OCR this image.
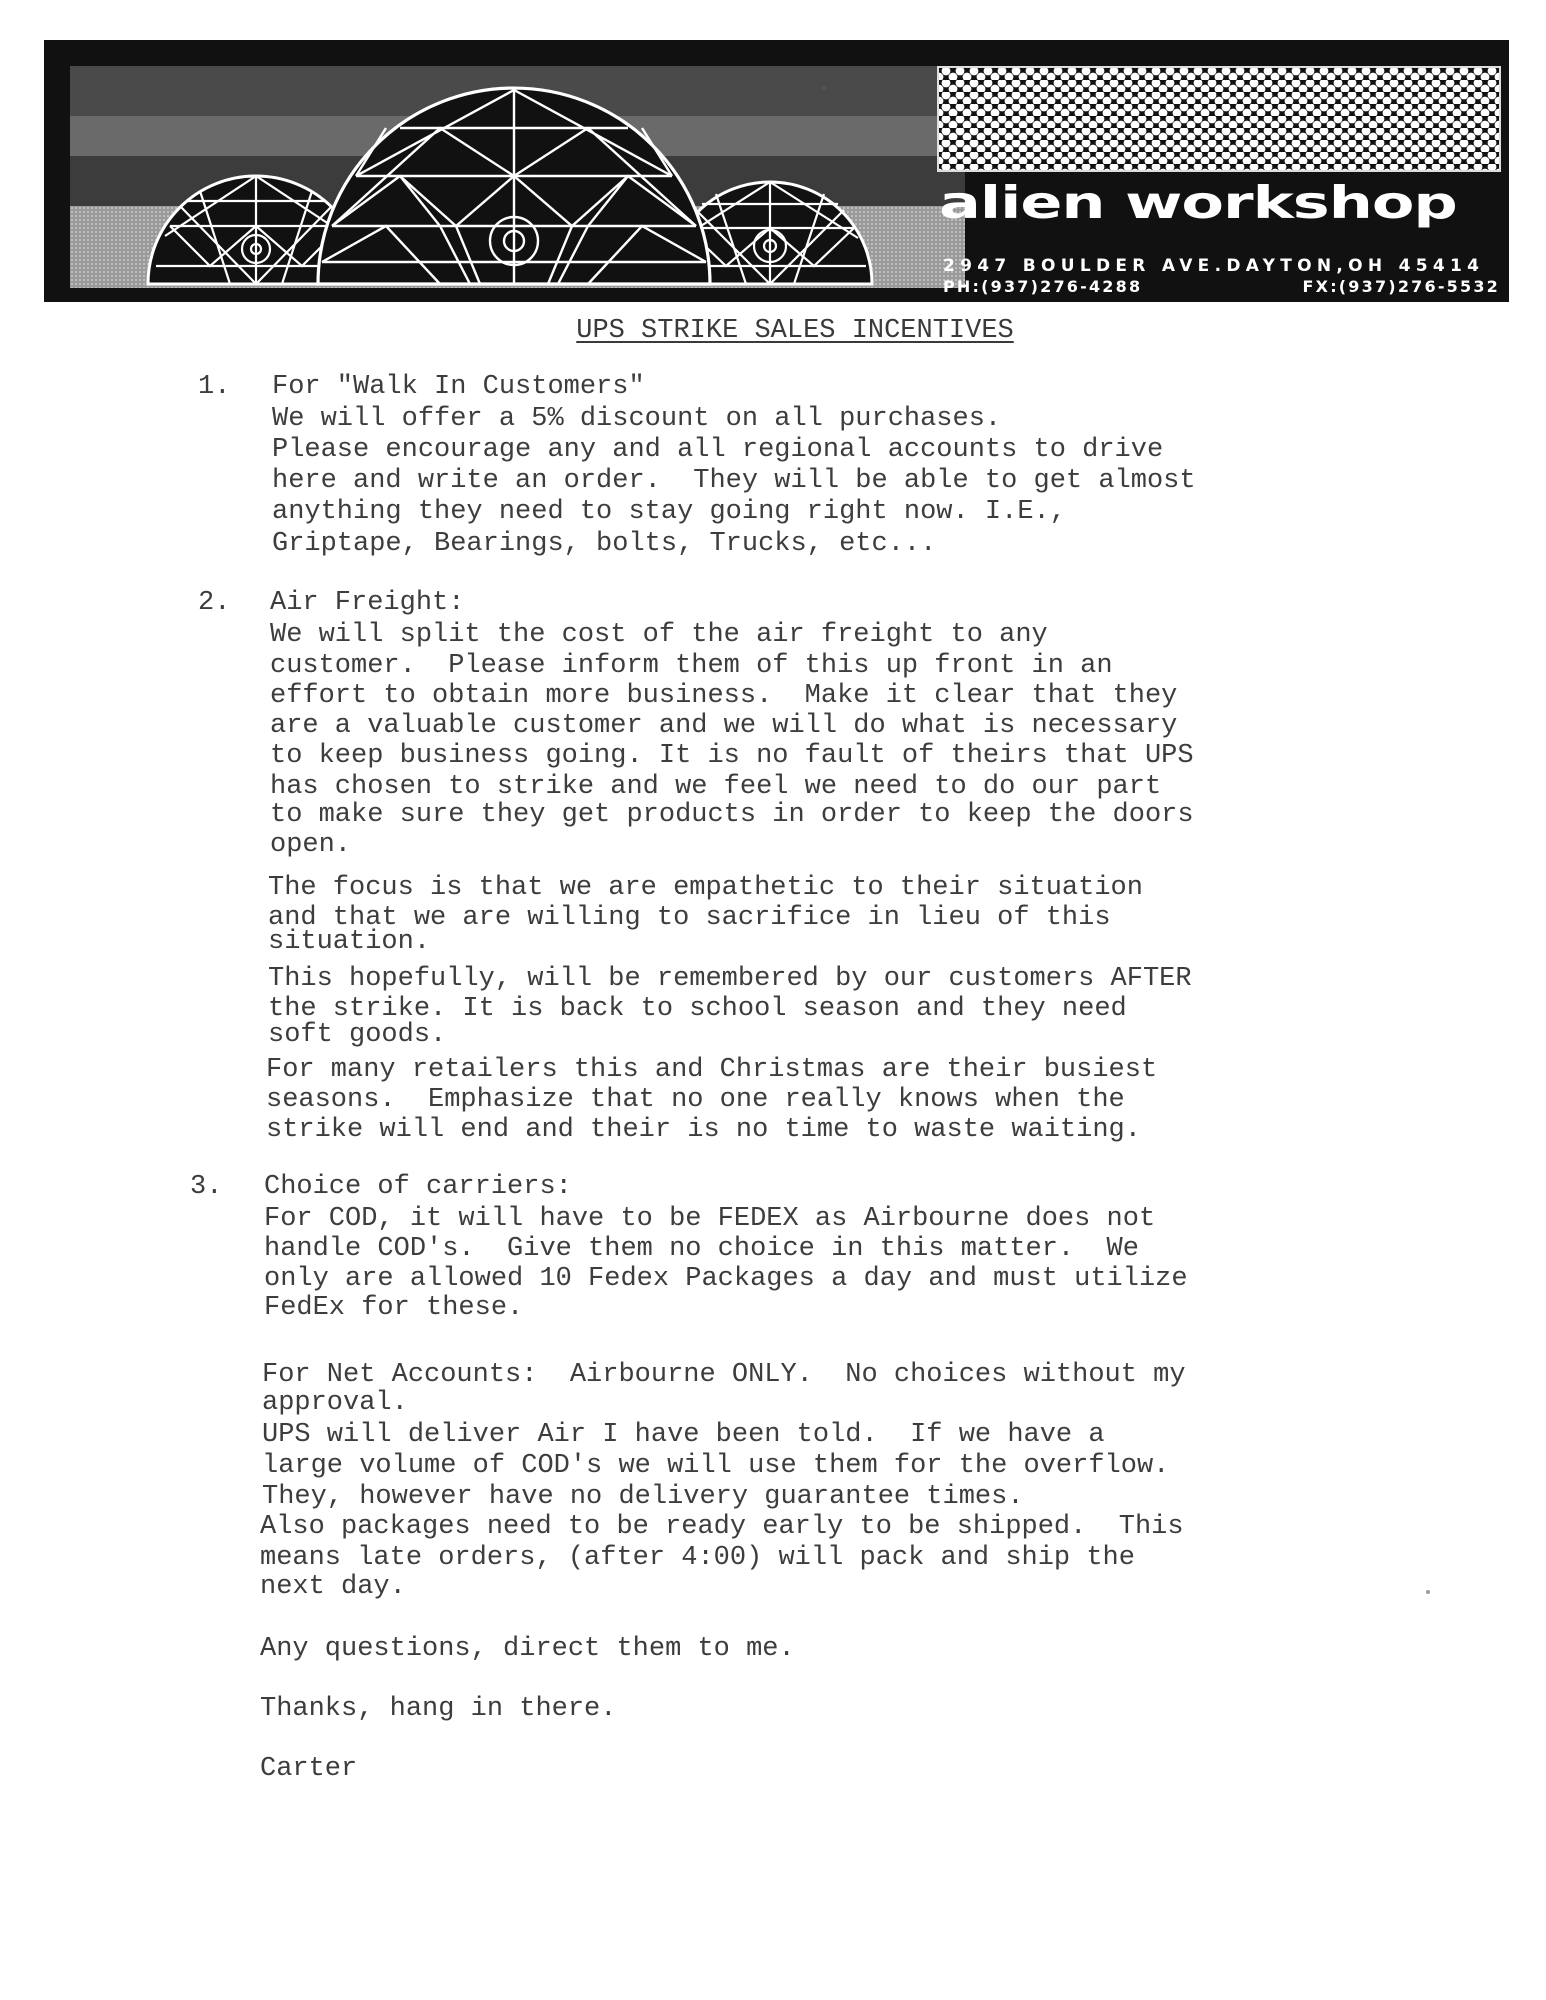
alien workshop
2947 BOULDER AVE.DAYTON,OH 45414
PH:(937)276-4288	FX:(937)276-5532
UPS STRIKE SALES INCENTIVES
1. For "Walk In Customers"
We will offer a 5% discount on all purchases.
Please encourage any and all regional accounts to drive
here and write an order.  They will be able to get almost
anything they need to stay going right now. I.E.,
Griptape, Bearings, bolts, Trucks, etc...
2. Air Freight:
We will split the cost of the air freight to any
customer.  Please inform them of this up front in an
effort to obtain more business.  Make it clear that they
are a valuable customer and we will do what is necessary
to keep business going. It is no fault of theirs that UPS
has chosen to strike and we feel we need to do our part
to make sure they get products in order to keep the doors
open.
The focus is that we are empathetic to their situation
and that we are willing to sacrifice in lieu of this
situation.
This hopefully, will be remembered by our customers AFTER
the strike. It is back to school season and they need
soft goods.
For many retailers this and Christmas are their busiest
seasons.  Emphasize that no one really knows when the
strike will end and their is no time to waste waiting.
3. Choice of carriers:
For COD, it will have to be FEDEX as Airbourne does not
handle COD's.  Give them no choice in this matter.  We
only are allowed 10 Fedex Packages a day and must utilize
FedEx for these.
For Net Accounts:  Airbourne ONLY.  No choices without my
approval.
UPS will deliver Air I have been told.  If we have a
large volume of COD's we will use them for the overflow.
They, however have no delivery guarantee times.
Also packages need to be ready early to be shipped.  This
means late orders, (after 4:00) will pack and ship the
next day.
Any questions, direct them to me.
Thanks, hang in there.
Carter
